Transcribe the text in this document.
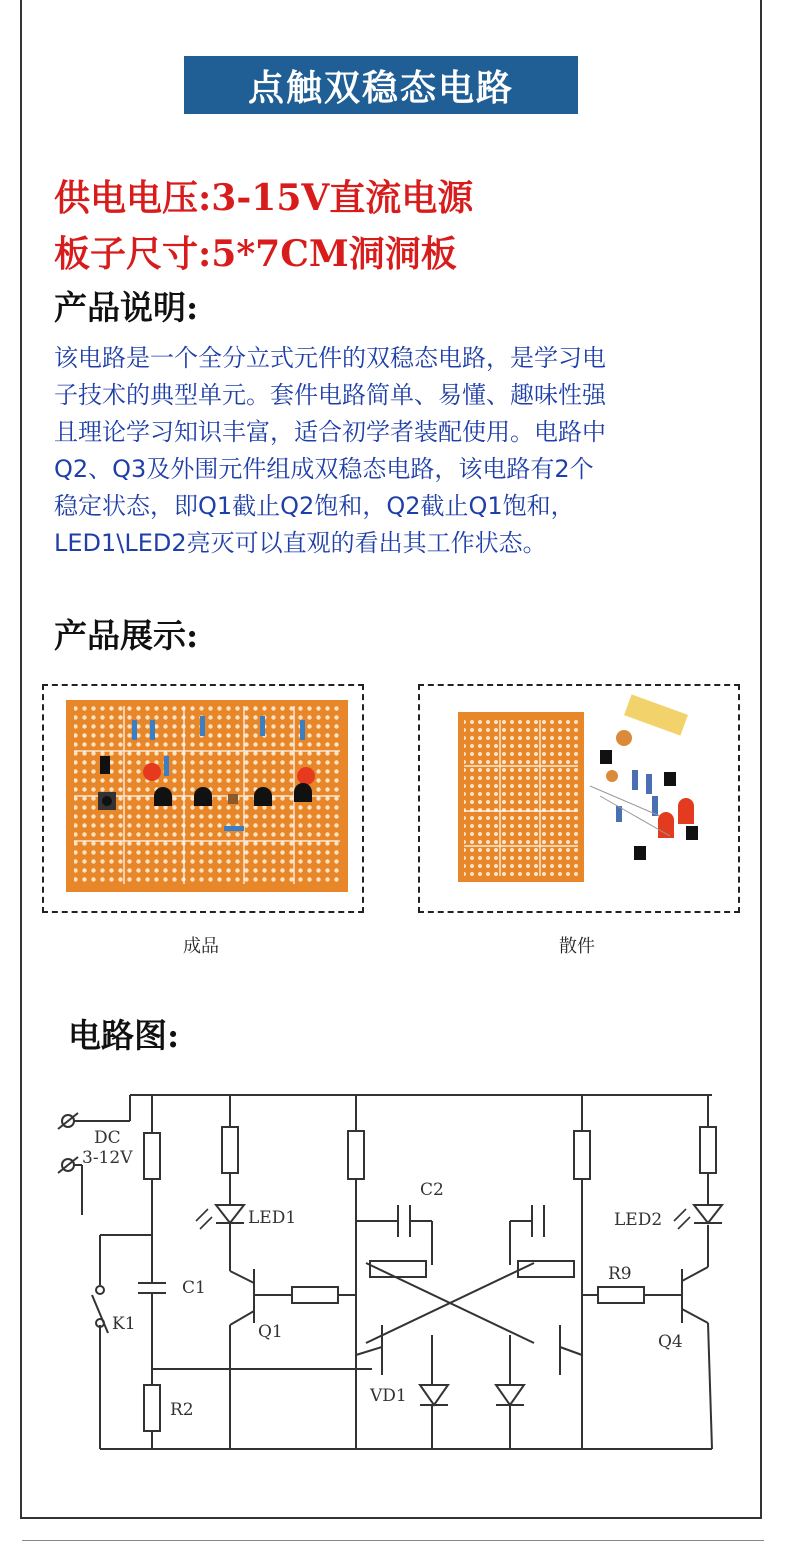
点触双稳态电路
供电电压:3-15V直流电源
板子尺寸:5*7CM洞洞板
产品说明:
该电路是一个全分立式元件的双稳态电路，是学习电
子技术的典型单元。套件电路简单、易懂、趣味性强
且理论学习知识丰富，适合初学者装配使用。电路中
Q2、Q3及外围元件组成双稳态电路，该电路有2个
稳定状态，即Q1截止Q2饱和，Q2截止Q1饱和，
LED1\LED2亮灭可以直观的看出其工作状态。
产品展示:
成品	散件
电路图:
DC
3-12V
C1
C2
K1
R2
Q1	Q4
LED1	LED2
R9
VD1
